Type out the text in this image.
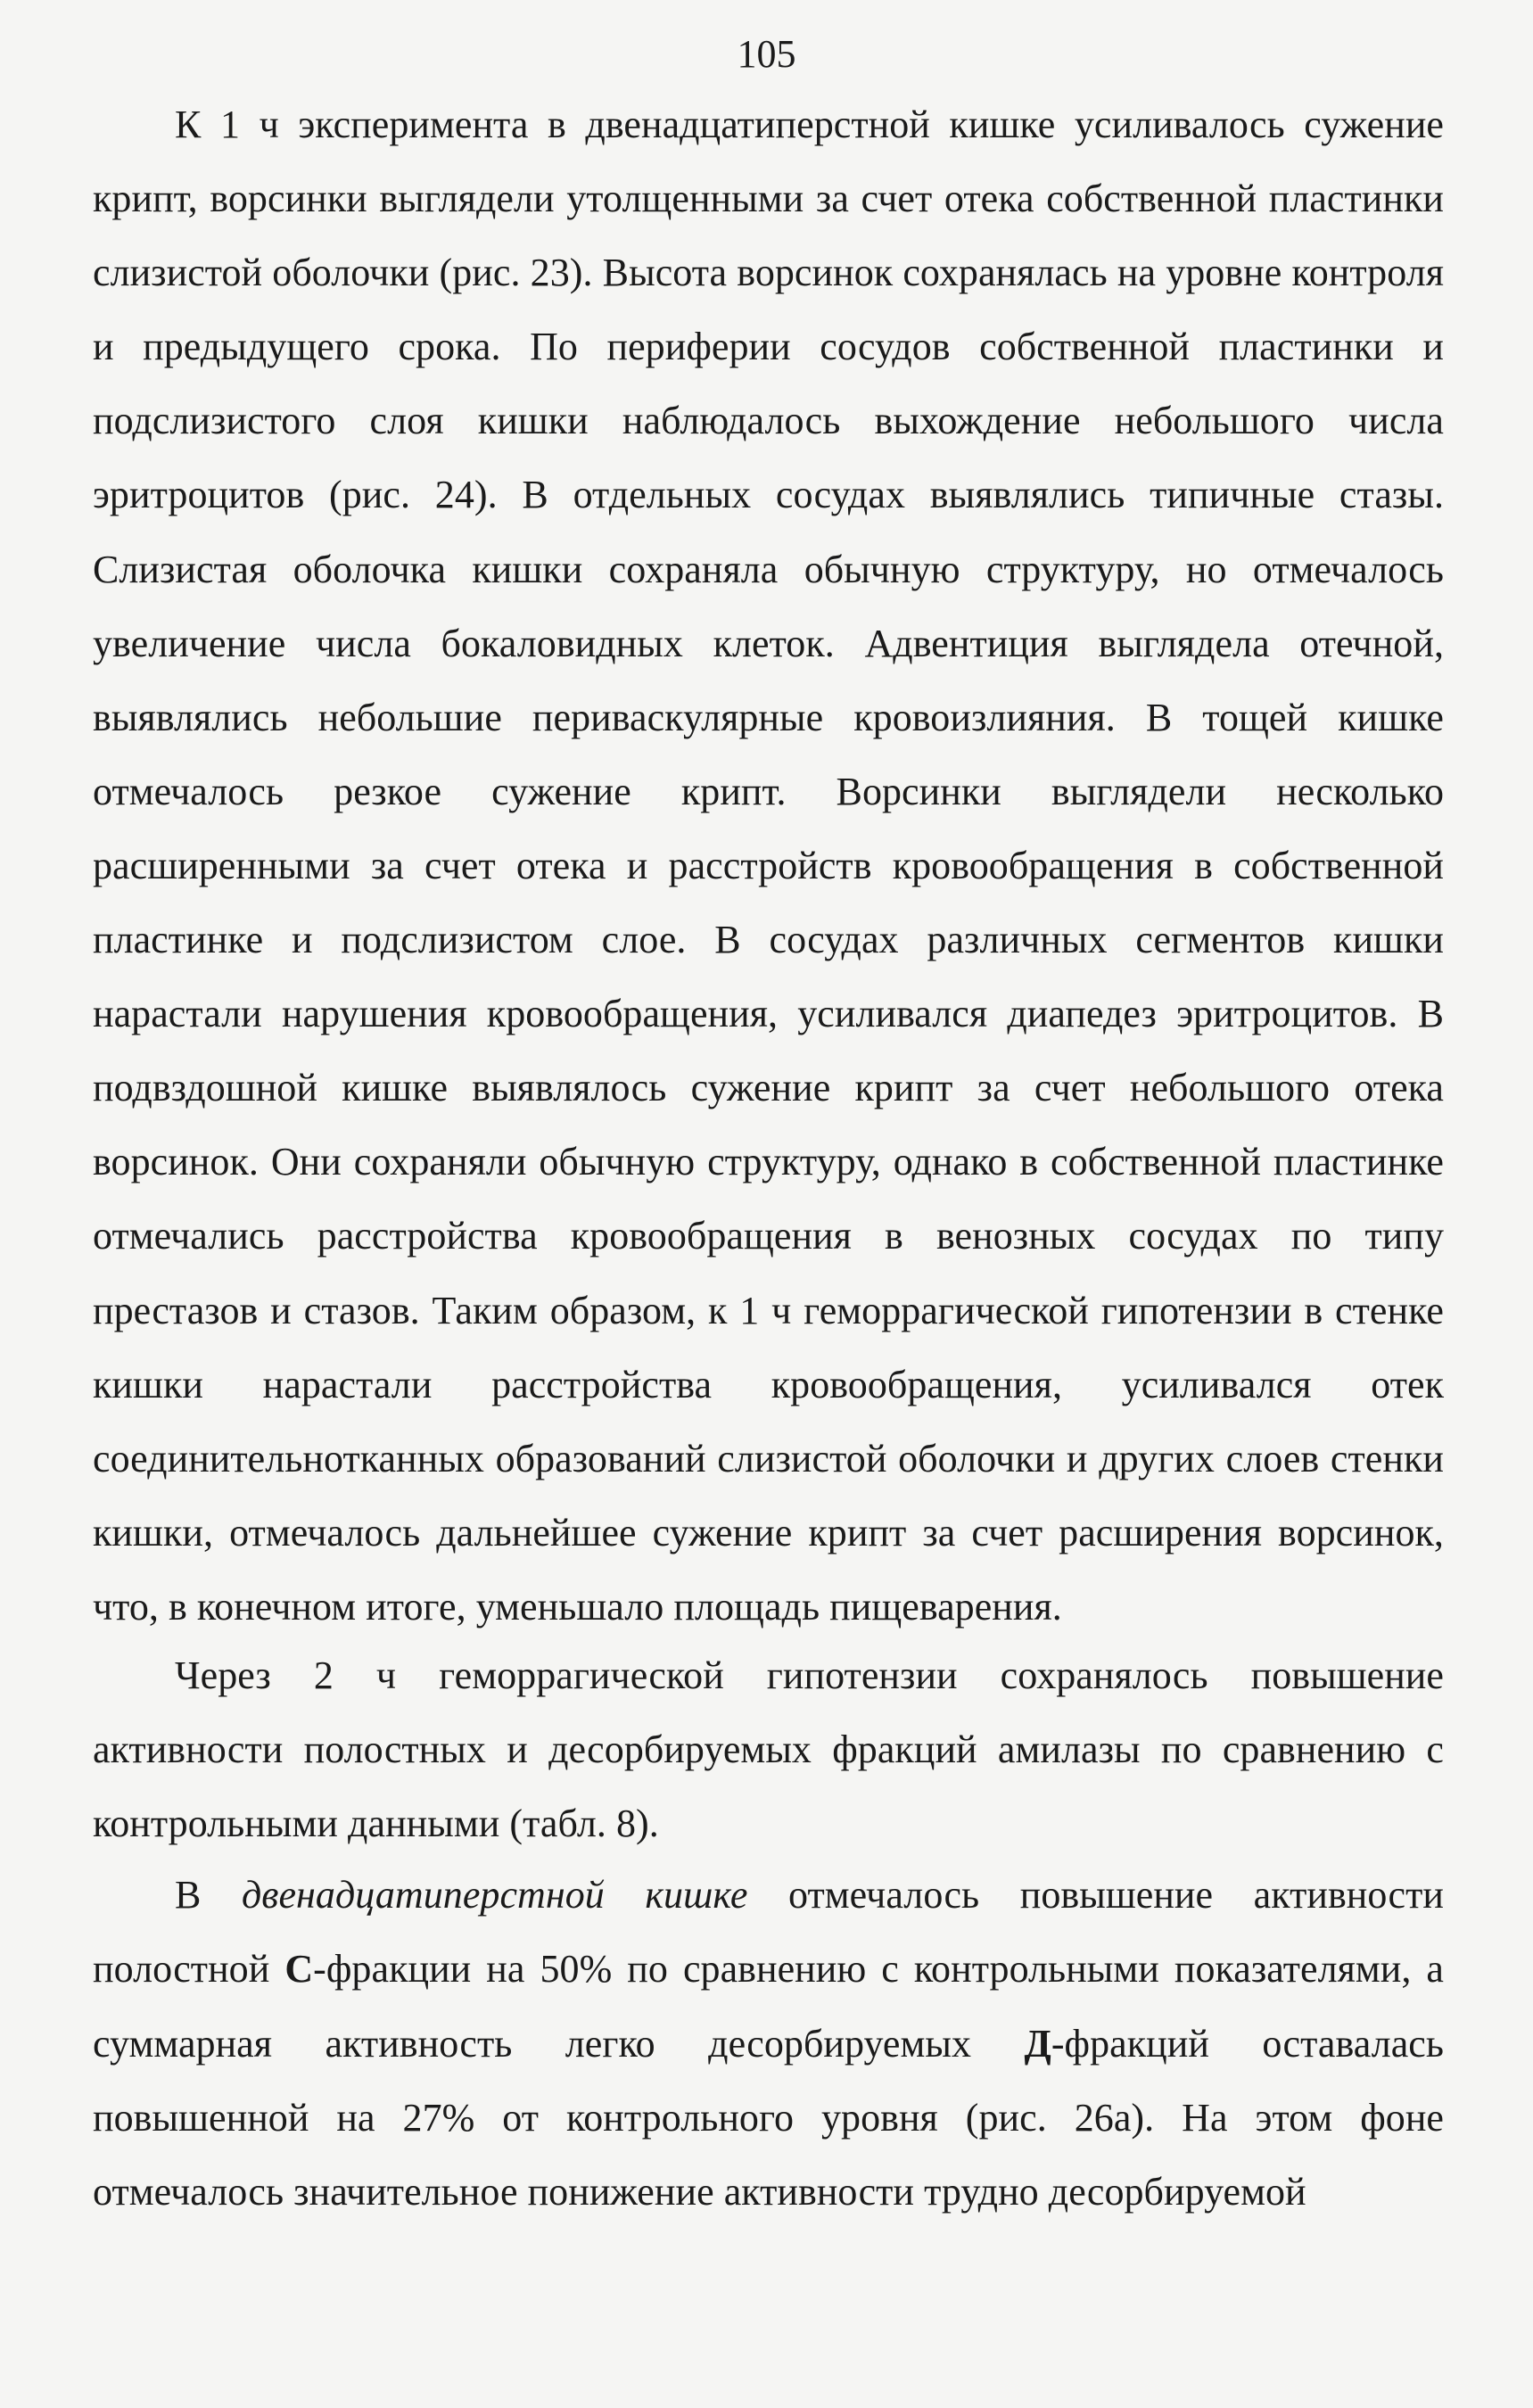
105

К 1 ч эксперимента в двенадцатиперстной кишке усиливалось сужение крипт, ворсинки выглядели утолщенными за счет отека собственной пластинки слизистой оболочки (рис. 23). Высота ворсинок сохранялась на уровне контроля и предыдущего срока. По периферии сосудов собственной пластинки и подслизистого слоя кишки наблюдалось выхождение небольшого числа эритроцитов (рис. 24). В отдельных сосудах выявлялись типичные стазы. Слизистая оболочка кишки сохраняла обычную структуру, но отмечалось увеличение числа бокаловидных клеток. Адвентиция выглядела отечной, выявлялись небольшие периваскулярные кровоизлияния. В тощей кишке отмечалось резкое сужение крипт. Ворсинки выглядели несколько расширенными за счет отека и расстройств кровообращения в собственной пластинке и подслизистом слое. В сосудах различных сегментов кишки нарастали нарушения кровообращения, усиливался диапедез эритроцитов. В подвздошной кишке выявлялось сужение крипт за счет небольшого отека ворсинок. Они сохраняли обычную структуру, однако в собственной пластинке отмечались расстройства кровообращения в венозных сосудах по типу престазов и стазов. Таким образом, к 1 ч геморрагической гипотензии в стенке кишки нарастали расстройства кровообращения, усиливался отек соединительнотканных образований слизистой оболочки и других слоев стенки кишки, отмечалось дальнейшее сужение крипт за счет расширения ворсинок, что, в конечном итоге, уменьшало площадь пищеварения.

Через 2 ч геморрагической гипотензии сохранялось повышение активности полостных и десорбируемых фракций амилазы по сравнению с контрольными данными (табл. 8).

В двенадцатиперстной кишке отмечалось повышение активности полостной С-фракции на 50% по сравнению с контрольными показателями, а суммарная активность легко десорбируемых Д-фракций оставалась повышенной на 27% от контрольного уровня (рис. 26а). На этом фоне отмечалось значительное понижение активности трудно десорбируемой
